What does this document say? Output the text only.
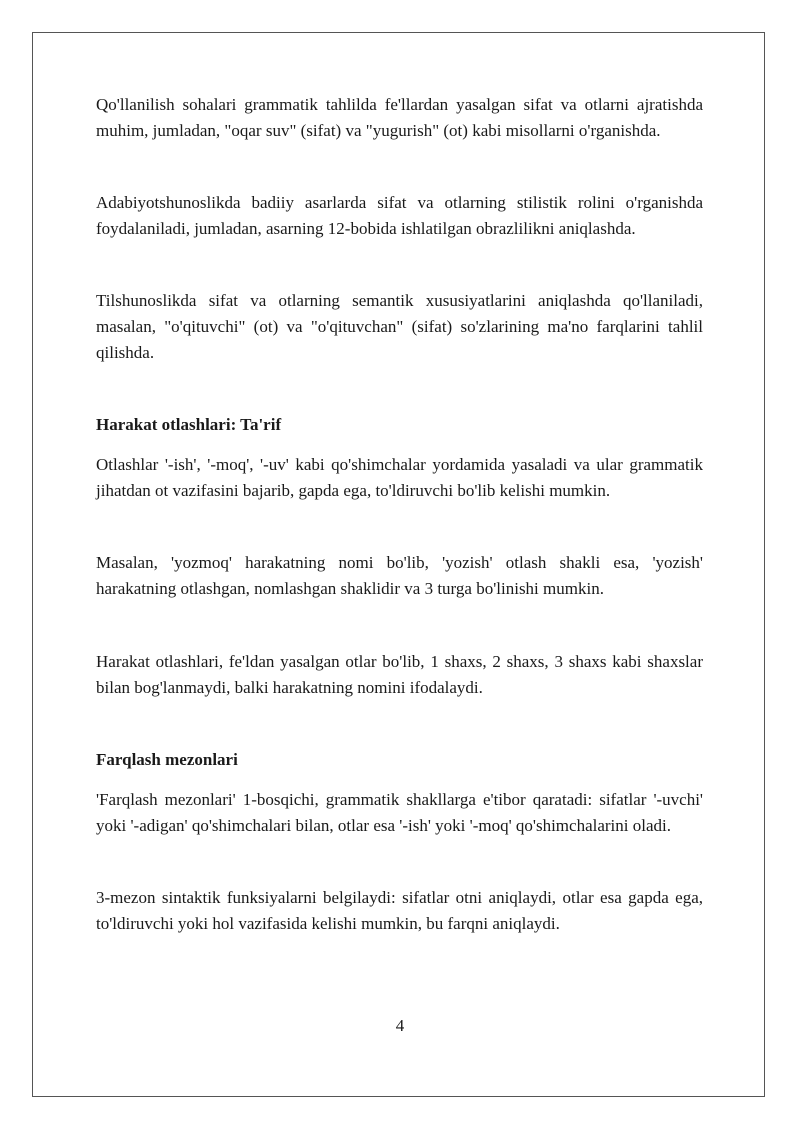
Qo'llanilish sohalari grammatik tahlilda fe'llardan yasalgan sifat va otlarni ajratishda muhim, jumladan, "oqar suv" (sifat) va "yugurish" (ot) kabi misollarni o'rganishda.

Adabiyotshunoslikda badiiy asarlarda sifat va otlarning stilistik rolini o'rganishda foydalaniladi, jumladan, asarning 12-bobida ishlatilgan obrazlilikni aniqlashda.

Tilshunoslikda sifat va otlarning semantik xususiyatlarini aniqlashda qo'llaniladi, masalan, "o'qituvchi" (ot) va "o'qituvchan" (sifat) so'zlarining ma'no farqlarini tahlil qilishda.

Harakat otlashlari: Ta'rif

Otlashlar '-ish', '-moq', '-uv' kabi qo'shimchalar yordamida yasaladi va ular grammatik jihatdan ot vazifasini bajarib, gapda ega, to'ldiruvchi bo'lib kelishi mumkin.

Masalan, 'yozmoq' harakatning nomi bo'lib, 'yozish' otlash shakli esa, 'yozish' harakatning otlashgan, nomlashgan shaklidir va 3 turga bo'linishi mumkin.

Harakat otlashlari, fe'ldan yasalgan otlar bo'lib, 1 shaxs, 2 shaxs, 3 shaxs kabi shaxslar bilan bog'lanmaydi, balki harakatning nomini ifodalaydi.

Farqlash mezonlari

'Farqlash mezonlari' 1-bosqichi, grammatik shakllarga e'tibor qaratadi: sifatlar '-uvchi' yoki '-adigan' qo'shimchalari bilan, otlar esa '-ish' yoki '-moq' qo'shimchalarini oladi.

3-mezon sintaktik funksiyalarni belgilaydi: sifatlar otni aniqlaydi, otlar esa gapda ega, to'ldiruvchi yoki hol vazifasida kelishi mumkin, bu farqni aniqlaydi.

4
